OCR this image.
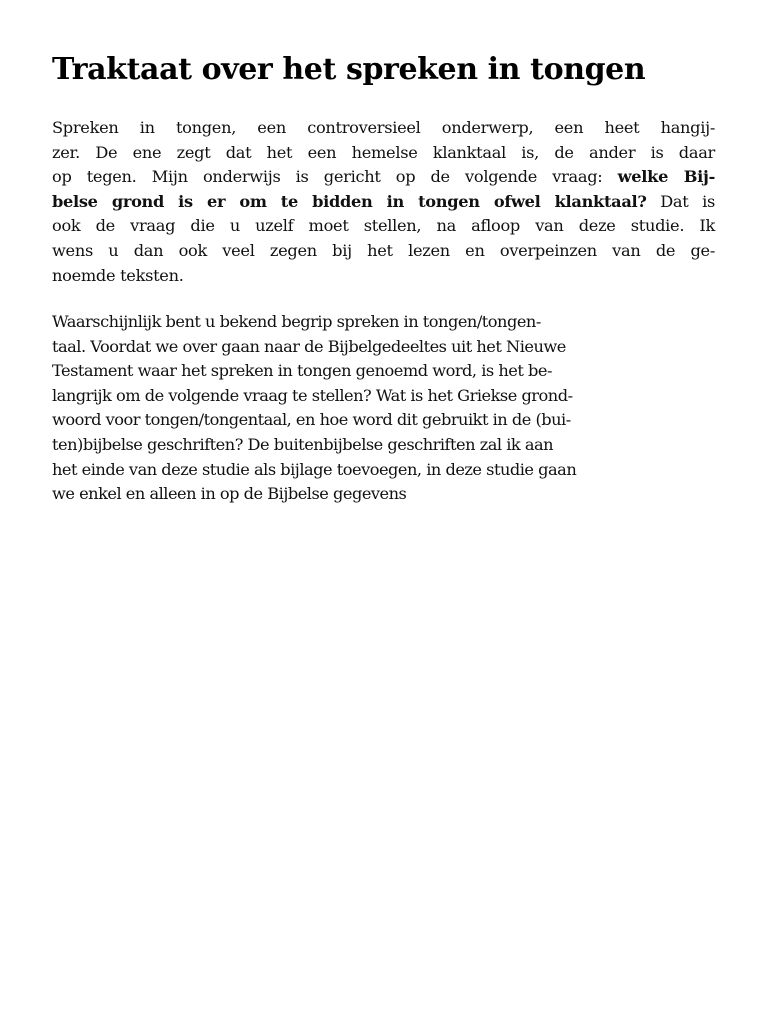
Traktaat over het spreken in tongen

Spreken in tongen, een controversieel onderwerp, een heet hangij-
zer. De ene zegt dat het een hemelse klanktaal is, de ander is daar
op tegen. Mijn onderwijs is gericht op de volgende vraag: welke Bij-
belse grond is er om te bidden in tongen ofwel klanktaal? Dat is
ook de vraag die u uzelf moet stellen, na afloop van deze studie. Ik
wens u dan ook veel zegen bij het lezen en overpeinzen van de ge-
noemde teksten.

Waarschijnlijk bent u bekend begrip spreken in tongen/tongen-
taal. Voordat we over gaan naar de Bijbelgedeeltes uit het Nieuwe
Testament waar het spreken in tongen genoemd word, is het be-
langrijk om de volgende vraag te stellen? Wat is het Griekse grond-
woord voor tongen/tongentaal, en hoe word dit gebruikt in de (bui-
ten)bijbelse geschriften? De buitenbijbelse geschriften zal ik aan
het einde van deze studie als bijlage toevoegen, in deze studie gaan
we enkel en alleen in op de Bijbelse gegevens
